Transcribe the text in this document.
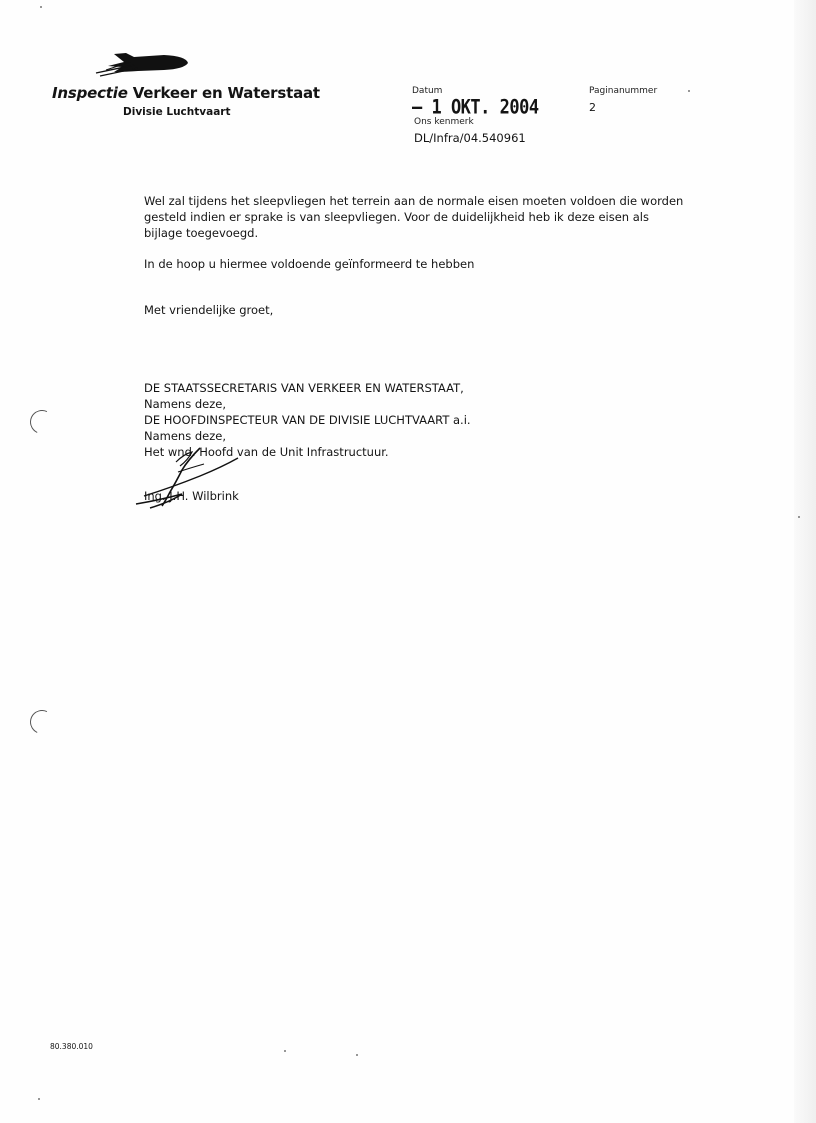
Inspectie Verkeer en Waterstaat
Divisie Luchtvaart
Datum
– 1 OKT. 2004
Ons kenmerk
DL/Infra/04.540961
Paginanummer
2
Wel zal tijdens het sleepvliegen het terrein aan de normale eisen moeten voldoen die worden gesteld indien er sprake is van sleepvliegen. Voor de duidelijkheid heb ik deze eisen als bijlage toegevoegd.
In de hoop u hiermee voldoende geïnformeerd te hebben
Met vriendelijke groet,
DE STAATSSECRETARIS VAN VERKEER EN WATERSTAAT,
Namens deze,
DE HOOFDINSPECTEUR VAN DE DIVISIE LUCHTVAART a.i.
Namens deze,
Het wnd. Hoofd van de Unit Infrastructuur.
Ing. J.H. Wilbrink
80.380.010
